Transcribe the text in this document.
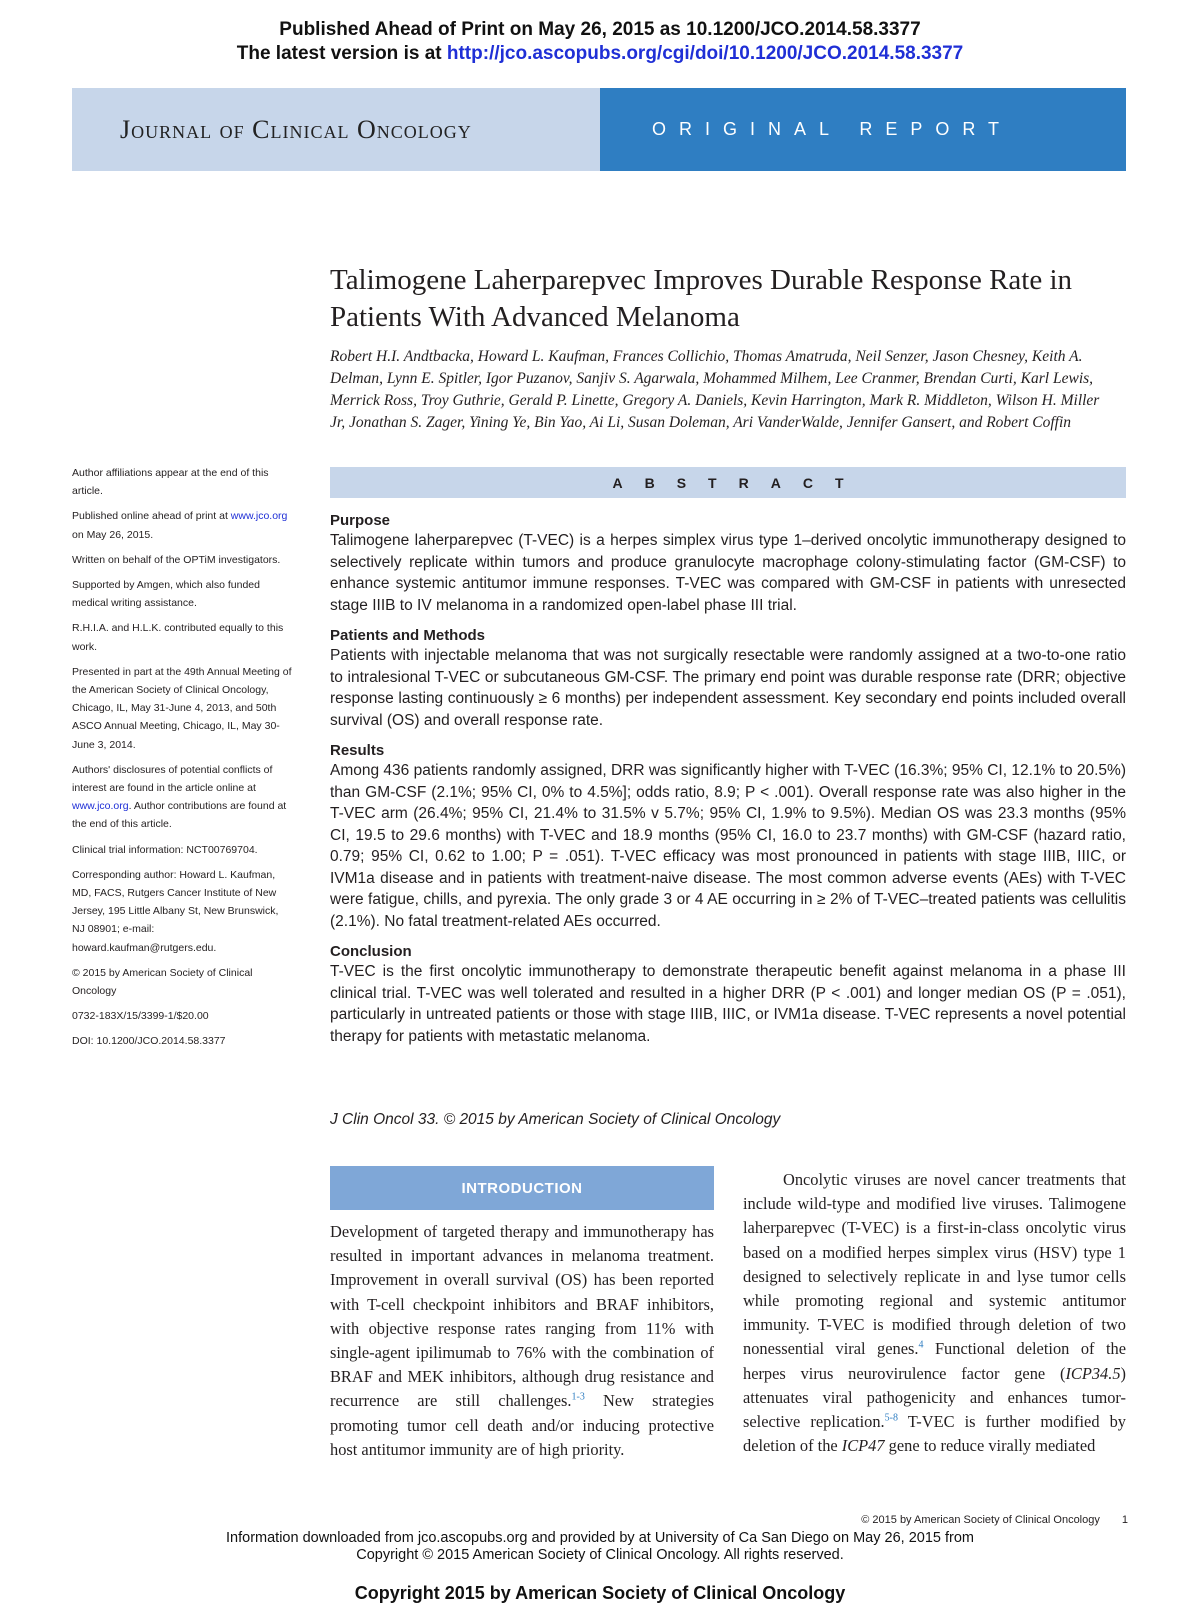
Published Ahead of Print on May 26, 2015 as 10.1200/JCO.2014.58.3377
The latest version is at http://jco.ascopubs.org/cgi/doi/10.1200/JCO.2014.58.3377
Journal of Clinical Oncology	ORIGINAL REPORT
Talimogene Laherparepvec Improves Durable Response Rate in Patients With Advanced Melanoma
Robert H.I. Andtbacka, Howard L. Kaufman, Frances Collichio, Thomas Amatruda, Neil Senzer, Jason Chesney, Keith A. Delman, Lynn E. Spitler, Igor Puzanov, Sanjiv S. Agarwala, Mohammed Milhem, Lee Cranmer, Brendan Curti, Karl Lewis, Merrick Ross, Troy Guthrie, Gerald P. Linette, Gregory A. Daniels, Kevin Harrington, Mark R. Middleton, Wilson H. Miller Jr, Jonathan S. Zager, Yining Ye, Bin Yao, Ai Li, Susan Doleman, Ari VanderWalde, Jennifer Gansert, and Robert Coffin

Author affiliations appear at the end of this article.

Published online ahead of print at www.jco.org on May 26, 2015.

Written on behalf of the OPTiM investigators.

Supported by Amgen, which also funded medical writing assistance.

R.H.I.A. and H.L.K. contributed equally to this work.

Presented in part at the 49th Annual Meeting of the American Society of Clinical Oncology, Chicago, IL, May 31-June 4, 2013, and 50th ASCO Annual Meeting, Chicago, IL, May 30-June 3, 2014.

Authors' disclosures of potential conflicts of interest are found in the article online at www.jco.org. Author contributions are found at the end of this article.

Clinical trial information: NCT00769704.

Corresponding author: Howard L. Kaufman, MD, FACS, Rutgers Cancer Institute of New Jersey, 195 Little Albany St, New Brunswick, NJ 08901; e-mail: howard.kaufman@rutgers.edu.

© 2015 by American Society of Clinical Oncology

0732-183X/15/3399-1/$20.00

DOI: 10.1200/JCO.2014.58.3377

ABSTRACT
Purpose
Talimogene laherparepvec (T-VEC) is a herpes simplex virus type 1–derived oncolytic immunotherapy designed to selectively replicate within tumors and produce granulocyte macrophage colony-stimulating factor (GM-CSF) to enhance systemic antitumor immune responses. T-VEC was compared with GM-CSF in patients with unresected stage IIIB to IV melanoma in a randomized open-label phase III trial.
Patients and Methods
Patients with injectable melanoma that was not surgically resectable were randomly assigned at a two-to-one ratio to intralesional T-VEC or subcutaneous GM-CSF. The primary end point was durable response rate (DRR; objective response lasting continuously ≥ 6 months) per independent assessment. Key secondary end points included overall survival (OS) and overall response rate.
Results
Among 436 patients randomly assigned, DRR was significantly higher with T-VEC (16.3%; 95% CI, 12.1% to 20.5%) than GM-CSF (2.1%; 95% CI, 0% to 4.5%]; odds ratio, 8.9; P < .001). Overall response rate was also higher in the T-VEC arm (26.4%; 95% CI, 21.4% to 31.5% v 5.7%; 95% CI, 1.9% to 9.5%). Median OS was 23.3 months (95% CI, 19.5 to 29.6 months) with T-VEC and 18.9 months (95% CI, 16.0 to 23.7 months) with GM-CSF (hazard ratio, 0.79; 95% CI, 0.62 to 1.00; P = .051). T-VEC efficacy was most pronounced in patients with stage IIIB, IIIC, or IVM1a disease and in patients with treatment-naive disease. The most common adverse events (AEs) with T-VEC were fatigue, chills, and pyrexia. The only grade 3 or 4 AE occurring in ≥ 2% of T-VEC–treated patients was cellulitis (2.1%). No fatal treatment-related AEs occurred.
Conclusion
T-VEC is the first oncolytic immunotherapy to demonstrate therapeutic benefit against melanoma in a phase III clinical trial. T-VEC was well tolerated and resulted in a higher DRR (P < .001) and longer median OS (P = .051), particularly in untreated patients or those with stage IIIB, IIIC, or IVM1a disease. T-VEC represents a novel potential therapy for patients with metastatic melanoma.
J Clin Oncol 33. © 2015 by American Society of Clinical Oncology
INTRODUCTION
Development of targeted therapy and immunotherapy has resulted in important advances in melanoma treatment. Improvement in overall survival (OS) has been reported with T-cell checkpoint inhibitors and BRAF inhibitors, with objective response rates ranging from 11% with single-agent ipilimumab to 76% with the combination of BRAF and MEK inhibitors, although drug resistance and recurrence are still challenges.$^{1-3}$ New strategies promoting tumor cell death and/or inducing protective host antitumor immunity are of high priority.
Oncolytic viruses are novel cancer treatments that include wild-type and modified live viruses. Talimogene laherparepvec (T-VEC) is a first-in-class oncolytic virus based on a modified herpes simplex virus (HSV) type 1 designed to selectively replicate in and lyse tumor cells while promoting regional and systemic antitumor immunity. T-VEC is modified through deletion of two nonessential viral genes.$^4$ Functional deletion of the herpes virus neurovirulence factor gene (ICP34.5) attenuates viral pathogenicity and enhances tumor-selective replication.$^{5-8}$ T-VEC is further modified by deletion of the ICP47 gene to reduce virally mediated
© 2015 by American Society of Clinical Oncology 1
Information downloaded from jco.ascopubs.org and provided by at University of Ca San Diego on May 26, 2015 from
Copyright © 2015 American Society of Clinical Oncology. All rights reserved.
Copyright 2015 by American Society of Clinical Oncology
